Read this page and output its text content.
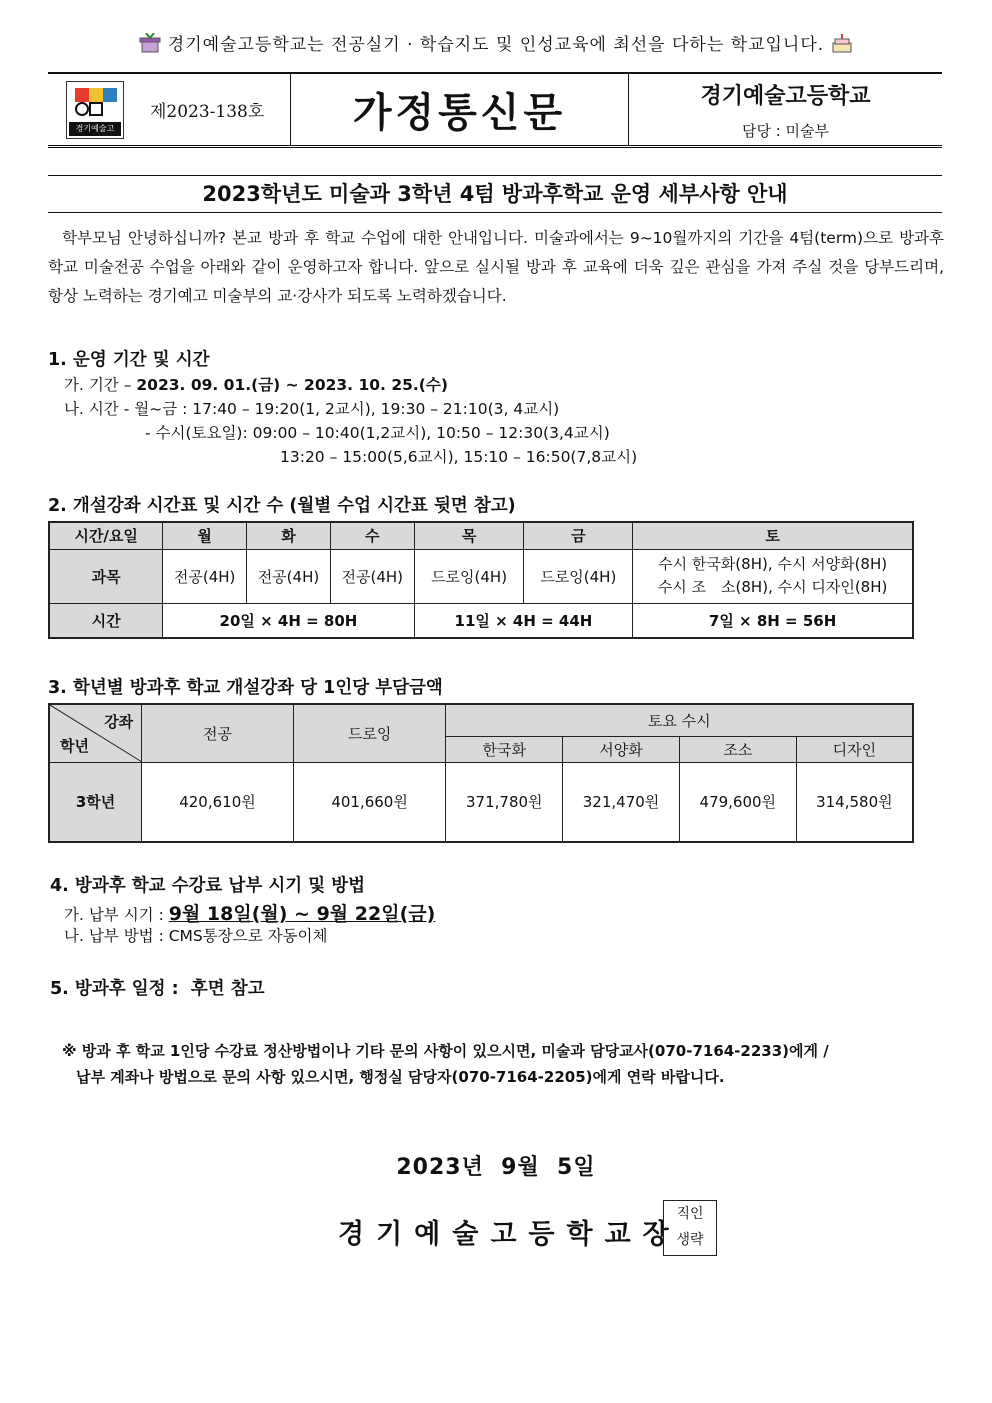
경기예술고등학교는 전공실기 · 학습지도 및 인성교육에 최선을 다하는 학교입니다.
경기예술고
제2023-138호 가정통신문	경기예술고등학교
담당 : 미술부
2023학년도 미술과 3학년 4텀 방과후학교 운영 세부사항 안내

학부모님 안녕하십니까? 본교 방과 후 학교 수업에 대한 안내입니다. 미술과에서는 9~10월까지의 기간을 4텀(term)으로 방과후학교 미술전공 수업을 아래와 같이 운영하고자 합니다. 앞으로 실시될 방과 후 교육에 더욱 깊은 관심을 가져 주실 것을 당부드리며, 항상 노력하는 경기예고 미술부의 교·강사가 되도록 노력하겠습니다.

1. 운영 기간 및 시간
가. 기간 – 2023. 09. 01.(금) ~ 2023. 10. 25.(수)
나. 시간 - 월~금 : 17:40 – 19:20(1, 2교시), 19:30 – 21:10(3, 4교시)
- 수시(토요일): 09:00 – 10:40(1,2교시), 10:50 – 12:30(3,4교시)
13:20 – 15:00(5,6교시), 15:10 – 16:50(7,8교시)
2. 개설강좌 시간표 및 시간 수 (월별 수업 시간표 뒷면 참고)
시간/요일	월	화	수	목	금	토
과목	전공(4H)	전공(4H)	전공(4H)	드로잉(4H)	드로잉(4H)	수시 한국화(8H), 수시 서양화(8H)
수시 조　소(8H), 수시 디자인(8H)

시간	20일 × 4H = 80H			11일 × 4H = 44H		7일 × 8H = 56H
3. 학년별 방과후 학교 개설강좌 당 1인당 부담금액
강좌
학년	전공	드로잉	토요 수시			
			한국화	서양화	조소	디자인
3학년	420,610원	401,660원	371,780원	321,470원	479,600원	314,580원
4. 방과후 학교 수강료 납부 시기 및 방법
가. 납부 시기 : 9월 18일(월) ~ 9월 22일(금)
나. 납부 방법 : CMS통장으로 자동이체
5. 방과후 일정 :  후면 참고
※ 방과 후 학교 1인당 수강료 정산방법이나 기타 문의 사항이 있으시면, 미술과 담당교사(070-7164-2233)에게 /
납부 계좌나 방법으로 문의 사항 있으시면, 행정실 담당자(070-7164-2205)에게 연락 바랍니다.
2023년  9월  5일
경기예술고등학교장
직인
생략
